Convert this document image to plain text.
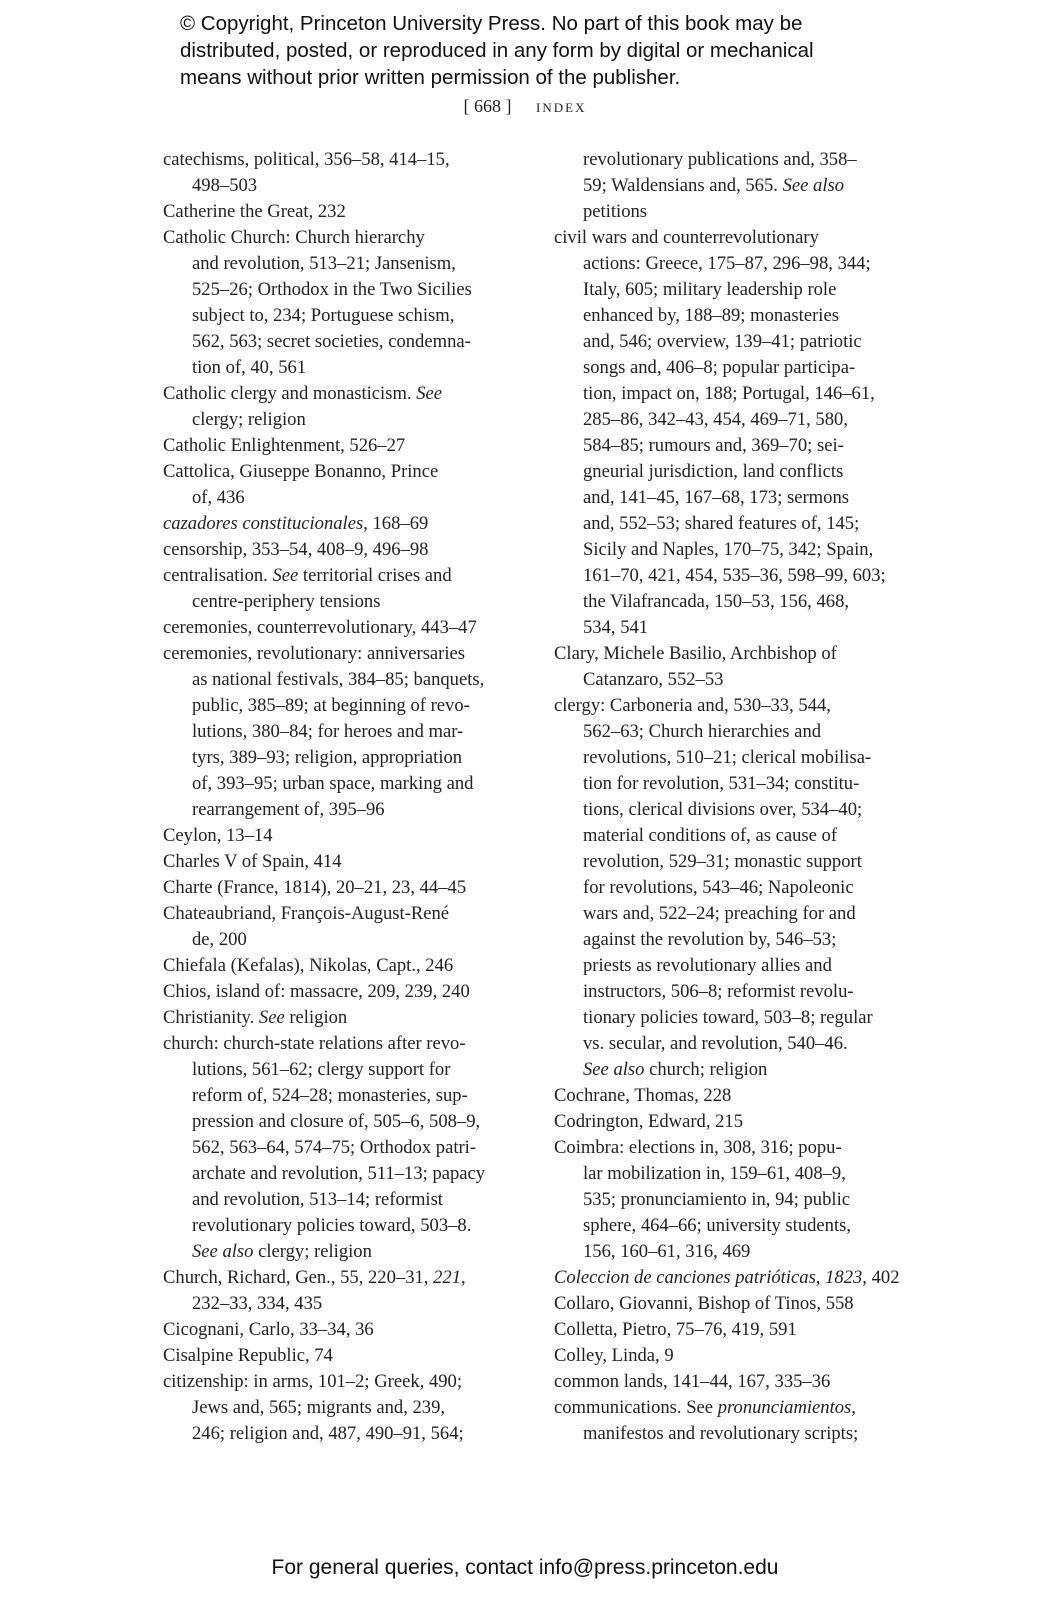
© Copyright, Princeton University Press. No part of this book may be
distributed, posted, or reproduced in any form by digital or mechanical
means without prior written permission of the publisher.
[ 668 ] index
catechisms, political, 356–58, 414–15,
498–503
Catherine the Great, 232
Catholic Church: Church hierarchy
and revolution, 513–21; Jansenism,
525–26; Orthodox in the Two Sicilies
subject to, 234; Portuguese schism,
562, 563; secret societies, condemna-
tion of, 40, 561
Catholic clergy and monasticism. See
clergy; religion
Catholic Enlightenment, 526–27
Cattolica, Giuseppe Bonanno, Prince
of, 436
cazadores constitucionales, 168–69
censorship, 353–54, 408–9, 496–98
centralisation. See territorial crises and
centre-periphery tensions
ceremonies, counterrevolutionary, 443–47
ceremonies, revolutionary: anniversaries
as national festivals, 384–85; banquets,
public, 385–89; at beginning of revo-
lutions, 380–84; for heroes and mar-
tyrs, 389–93; religion, appropriation
of, 393–95; urban space, marking and
rearrangement of, 395–96
Ceylon, 13–14
Charles V of Spain, 414
Charte (France, 1814), 20–21, 23, 44–45
Chateaubriand, François-August-René
de, 200
Chiefala (Kefalas), Nikolas, Capt., 246
Chios, island of: massacre, 209, 239, 240
Christianity. See religion
church: church-state relations after revo-
lutions, 561–62; clergy support for
reform of, 524–28; monasteries, sup-
pression and closure of, 505–6, 508–9,
562, 563–64, 574–75; Orthodox patri-
archate and revolution, 511–13; papacy
and revolution, 513–14; reformist
revolutionary policies toward, 503–8.
See also clergy; religion
Church, Richard, Gen., 55, 220–31, 221,
232–33, 334, 435
Cicognani, Carlo, 33–34, 36
Cisalpine Republic, 74
citizenship: in arms, 101–2; Greek, 490;
Jews and, 565; migrants and, 239,
246; religion and, 487, 490–91, 564;
revolutionary publications and, 358–
59; Waldensians and, 565. See also
petitions
civil wars and counterrevolutionary
actions: Greece, 175–87, 296–98, 344;
Italy, 605; military leadership role
enhanced by, 188–89; monasteries
and, 546; overview, 139–41; patriotic
songs and, 406–8; popular participa-
tion, impact on, 188; Portugal, 146–61,
285–86, 342–43, 454, 469–71, 580,
584–85; rumours and, 369–70; sei-
gneurial jurisdiction, land conflicts
and, 141–45, 167–68, 173; sermons
and, 552–53; shared features of, 145;
Sicily and Naples, 170–75, 342; Spain,
161–70, 421, 454, 535–36, 598–99, 603;
the Vilafrancada, 150–53, 156, 468,
534, 541
Clary, Michele Basilio, Archbishop of
Catanzaro, 552–53
clergy: Carboneria and, 530–33, 544,
562–63; Church hierarchies and
revolutions, 510–21; clerical mobilisa-
tion for revolution, 531–34; constitu-
tions, clerical divisions over, 534–40;
material conditions of, as cause of
revolution, 529–31; monastic support
for revolutions, 543–46; Napoleonic
wars and, 522–24; preaching for and
against the revolution by, 546–53;
priests as revolutionary allies and
instructors, 506–8; reformist revolu-
tionary policies toward, 503–8; regular
vs. secular, and revolution, 540–46.
See also church; religion
Cochrane, Thomas, 228
Codrington, Edward, 215
Coimbra: elections in, 308, 316; popu-
lar mobilization in, 159–61, 408–9,
535; pronunciamiento in, 94; public
sphere, 464–66; university students,
156, 160–61, 316, 469
Coleccion de canciones patrióticas, 1823, 402
Collaro, Giovanni, Bishop of Tinos, 558
Colletta, Pietro, 75–76, 419, 591
Colley, Linda, 9
common lands, 141–44, 167, 335–36
communications. See pronunciamientos,
manifestos and revolutionary scripts;
For general queries, contact info@press.princeton.edu
